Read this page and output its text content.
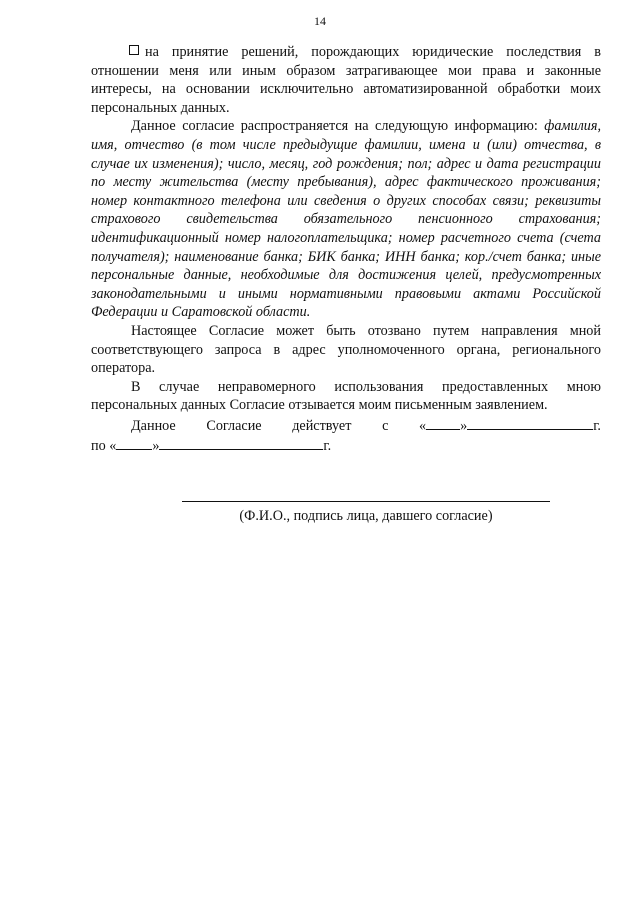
14

на принятие решений, порождающих юридические последствия в отношении меня или иным образом затрагивающее мои права и законные интересы, на основании исключительно автоматизированной обработки моих персональных данных.

Данное согласие распространяется на следующую информацию: фамилия, имя, отчество (в том числе предыдущие фамилии, имена и (или) отчества, в случае их изменения); число, месяц, год рождения; пол; адрес и дата регистрации по месту жительства (месту пребывания), адрес фактического проживания; номер контактного телефона или сведения о других способах связи; реквизиты страхового свидетельства обязательного пенсионного страхования; идентификационный номер налогоплательщика; номер расчетного счета (счета получателя); наименование банка; БИК банка; ИНН банка; кор./счет банка; иные персональные данные, необходимые для достижения целей, предусмотренных законодательными и иными нормативными правовыми актами Российской Федерации и Саратовской области.

Настоящее Согласие может быть отозвано путем направления мной соответствующего запроса в адрес уполномоченного органа, регионального оператора.

В случае неправомерного использования предоставленных мною персональных данных Согласие отзывается моим письменным заявлением.

Данное Согласие действует с « »	г.
по
«	»	г.
(Ф.И.О., подпись лица, давшего согласие)
